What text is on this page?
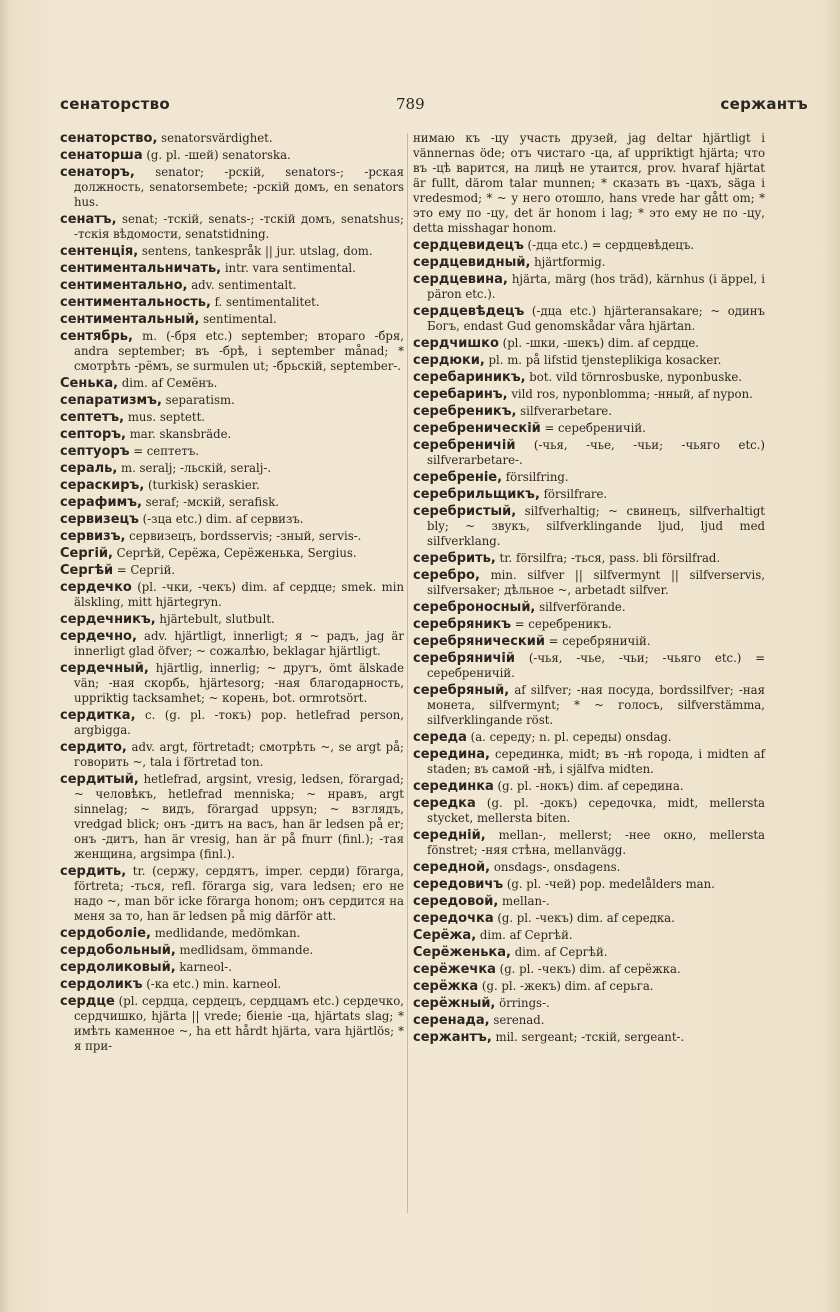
сенаторство	789	сержантъ
сенаторство, senatorsvärdighet.
сенаторша (g. pl. -шей) senatorska.
сенаторъ, senator; -рскій, senators-; -рская должность, senatorsembete; -рскій домъ, en senators hus.
сенатъ, senat; -тскій, senats-; -тскій домъ, senatshus; -тскія вѣдомости, senatstidning.
сентенція, sentens, tankespråk || jur. utslag, dom.
сентиментальничать, intr. vara sentimental.
сентиментально, adv. sentimentalt.
сентиментальность, f. sentimentalitet.
сентиментальный, sentimental.
сентябрь, m. (-бря etc.) september; втораго -бря, andra september; въ -брѣ, i september månad; * смотрѣть -рёмъ, se surmulen ut; -брьскій, september-.
Сенька, dim. af Семёнъ.
сепаратизмъ, separatism.
септетъ, mus. septett.
септоръ, mar. skansbräde.
септуоръ = септетъ.
сераль, m. seralj; -льскій, seralj-.
сераскиръ, (turkisk) seraskier.
серафимъ, seraf; -мскій, serafisk.
сервизецъ (-зца etc.) dim. af сервизъ.
сервизъ, сервизецъ, bordsservis; -зный, servis-.
Сергій, Сергѣй, Серёжа, Серёженька, Sergius.
Сергѣй = Сергій.
сердечко (pl. -чки, -чекъ) dim. af сердце; smek. min älskling, mitt hjärtegryn.
сердечникъ, hjärtebult, slutbult.
сердечно, adv. hjärtligt, innerligt; я ~ радъ, jag är innerligt glad öfver; ~ сожалѣю, beklagar hjärtligt.
сердечный, hjärtlig, innerlig; ~ другъ, ömt älskade vän; -ная скорбь, hjärtesorg; -ная благодарность, uppriktig tacksamhet; ~ корень, bot. ormrotsört.
сердитка, c. (g. pl. -токъ) pop. hetlefrad person, argbigga.
сердито, adv. argt, förtretadt; смотрѣть ~, se argt på; говорить ~, tala i förtretad ton.
сердитый, hetlefrad, argsint, vresig, ledsen, förargad; ~ человѣкъ, hetlefrad menniska; ~ нравъ, argt sinnelag; ~ видъ, förargad uppsyn; ~ взглядъ, vredgad blick; онъ -дитъ на васъ, han är ledsen på er; онъ -дитъ, han är vresig, han är på fnurr (finl.); -тая женщина, argsimpa (finl.).
сердить, tr. (сержу, сердятъ, imper. серди) förarga, förtreta; -ться, refl. förarga sig, vara ledsen; его не надо ~, man bör icke förarga honom; онъ сердится на меня за то, han är ledsen på mig därför att.
сердоболіе, medlidande, medömkan.
сердобольный, medlidsam, ömmande.
сердоликовый, karneol-.
сердоликъ (-ка etc.) min. karneol.
сердце (pl. сердца, сердецъ, сердцамъ etc.) сердечко, сердчишко, hjärta || vrede; біеніе -ца, hjärtats slag; * имѣть каменное ~, ha ett hårdt hjärta, vara hjärtlös; * я при-
нимаю къ -цу участь друзей, jag deltar hjärtligt i vännernas öde; отъ чистаго -ца, af uppriktigt hjärta; что въ -цѣ варится, на лицѣ не утаится, prov. hvaraf hjärtat är fullt, därom talar munnen; * сказать въ -цахъ, säga i vredesmod; * ~ у него отошло, hans vrede har gått om; * это ему по -цу, det är honom i lag; * это ему не по -цу, detta misshagar honom.
сердцевидецъ (-дца etc.) = сердцевѣдецъ.
сердцевидный, hjärtformig.
сердцевина, hjärta, märg (hos träd), kärnhus (i äppel, i päron etc.).
сердцевѣдецъ (-дца etc.) hjärteransakare; ~ одинъ Богъ, endast Gud genomskådar våra hjärtan.
сердчишко (pl. -шки, -шекъ) dim. af сердце.
сердюки, pl. m. på lifstid tjensteplikiga kosacker.
серебариникъ, bot. vild törnrosbuske, nyponbuske.
серебаринъ, vild ros, nyponblomma; -нный, af nypon.
серебреникъ, silfverarbetare.
серебреническій = серебреничій.
серебреничій (-чья, -чье, -чьи; -чьяго etc.) silfverarbetare-.
серебреніе, försilfring.
серебрильщикъ, försilfrare.
серебристый, silfverhaltig; ~ свинецъ, silfverhaltigt bly; ~ звукъ, silfverklingande ljud, ljud med silfverklang.
серебрить, tr. försilfra; -ться, pass. bli försilfrad.
серебро, min. silfver || silfvermynt || silfverservis, silfversaker; дѣльное ~, arbetadt silfver.
сереброносный, silfverförande.
серебряникъ = серебреникъ.
серебрянический = серебряничій.
серебряничій (-чья, -чье, -чьи; -чьяго etc.) = серебреничій.
серебряный, af silfver; -ная посуда, bordssilfver; -ная монета, silfvermynt; * ~ голосъ, silfverstämma, silfverklingande röst.
середа (a. середу; n. pl. середы) onsdag.
середина, серединка, midt; въ -нѣ города, i midten af staden; въ самой -нѣ, i själfva midten.
серединка (g. pl. -нокъ) dim. af середина.
середка (g. pl. -докъ) середочка, midt, mellersta stycket, mellersta biten.
середній, mellan-, mellerst; -нее окно, mellersta fönstret; -няя стѣна, mellanvägg.
середной, onsdags-, onsdagens.
середовичъ (g. pl. -чей) pop. medelålders man.
середовой, mellan-.
середочка (g. pl. -чекъ) dim. af середка.
Серёжа, dim. af Сергѣй.
Серёженька, dim. af Сергѣй.
серёжечка (g. pl. -чекъ) dim. af серёжка.
серёжка (g. pl. -жекъ) dim. af серьга.
серёжный, örrings-.
серенада, serenad.
сержантъ, mil. sergeant; -тскій, sergeant-.
